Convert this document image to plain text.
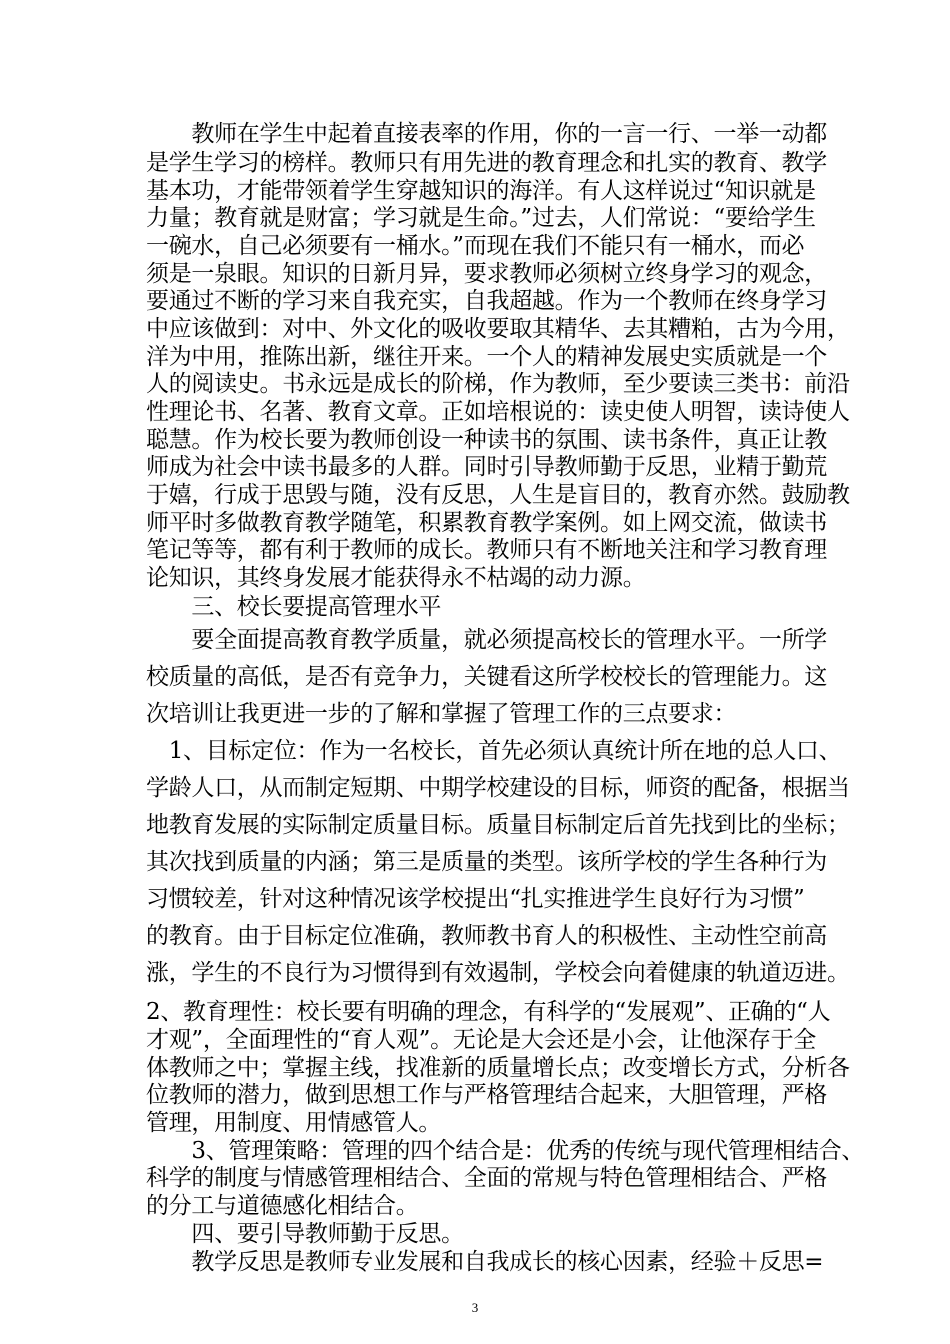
　　教师在学生中起着直接表率的作用，你的一言一行、一举一动都

是学生学习的榜样。教师只有用先进的教育理念和扎实的教育、教学

基本功，才能带领着学生穿越知识的海洋。有人这样说过“知识就是

力量；教育就是财富；学习就是生命。”过去，人们常说：“要给学生

一碗水，自己必须要有一桶水。”而现在我们不能只有一桶水，而必

须是一泉眼。知识的日新月异，要求教师必须树立终身学习的观念，

要通过不断的学习来自我充实，自我超越。作为一个教师在终身学习

中应该做到：对中、外文化的吸收要取其精华、去其糟粕，古为今用，

洋为中用，推陈出新，继往开来。一个人的精神发展史实质就是一个

人的阅读史。书永远是成长的阶梯，作为教师，至少要读三类书：前沿

性理论书、名著、教育文章。正如培根说的：读史使人明智，读诗使人

聪慧。作为校长要为教师创设一种读书的氛围、读书条件，真正让教

师成为社会中读书最多的人群。同时引导教师勤于反思，业精于勤荒

于嬉，行成于思毁与随，没有反思，人生是盲目的，教育亦然。鼓励教

师平时多做教育教学随笔，积累教育教学案例。如上网交流，做读书

笔记等等，都有利于教师的成长。教师只有不断地关注和学习教育理

论知识，其终身发展才能获得永不枯竭的动力源。

　　三、校长要提高管理水平

　　要全面提高教育教学质量，就必须提高校长的管理水平。一所学

校质量的高低，是否有竞争力，关键看这所学校校长的管理能力。这

次培训让我更进一步的了解和掌握了管理工作的三点要求：

　1、目标定位：作为一名校长，首先必须认真统计所在地的总人口、

学龄人口，从而制定短期、中期学校建设的目标，师资的配备，根据当

地教育发展的实际制定质量目标。质量目标制定后首先找到比的坐标；

其次找到质量的内涵；第三是质量的类型。该所学校的学生各种行为

习惯较差，针对这种情况该学校提出“扎实推进学生良好行为习惯”

的教育。由于目标定位准确，教师教书育人的积极性、主动性空前高

涨，学生的不良行为习惯得到有效遏制，学校会向着健康的轨道迈进。

2、教育理性：校长要有明确的理念，有科学的“发展观”、正确的“人

才观”，全面理性的“育人观”。无论是大会还是小会，让他深存于全

体教师之中；掌握主线，找准新的质量增长点；改变增长方式，分析各

位教师的潜力，做到思想工作与严格管理结合起来，大胆管理，严格

管理，用制度、用情感管人。

　　3、管理策略：管理的四个结合是：优秀的传统与现代管理相结合、

科学的制度与情感管理相结合、全面的常规与特色管理相结合、严格

的分工与道德感化相结合。

　　四、要引导教师勤于反思。

　　教学反思是教师专业发展和自我成长的核心因素，经验＋反思=

3
